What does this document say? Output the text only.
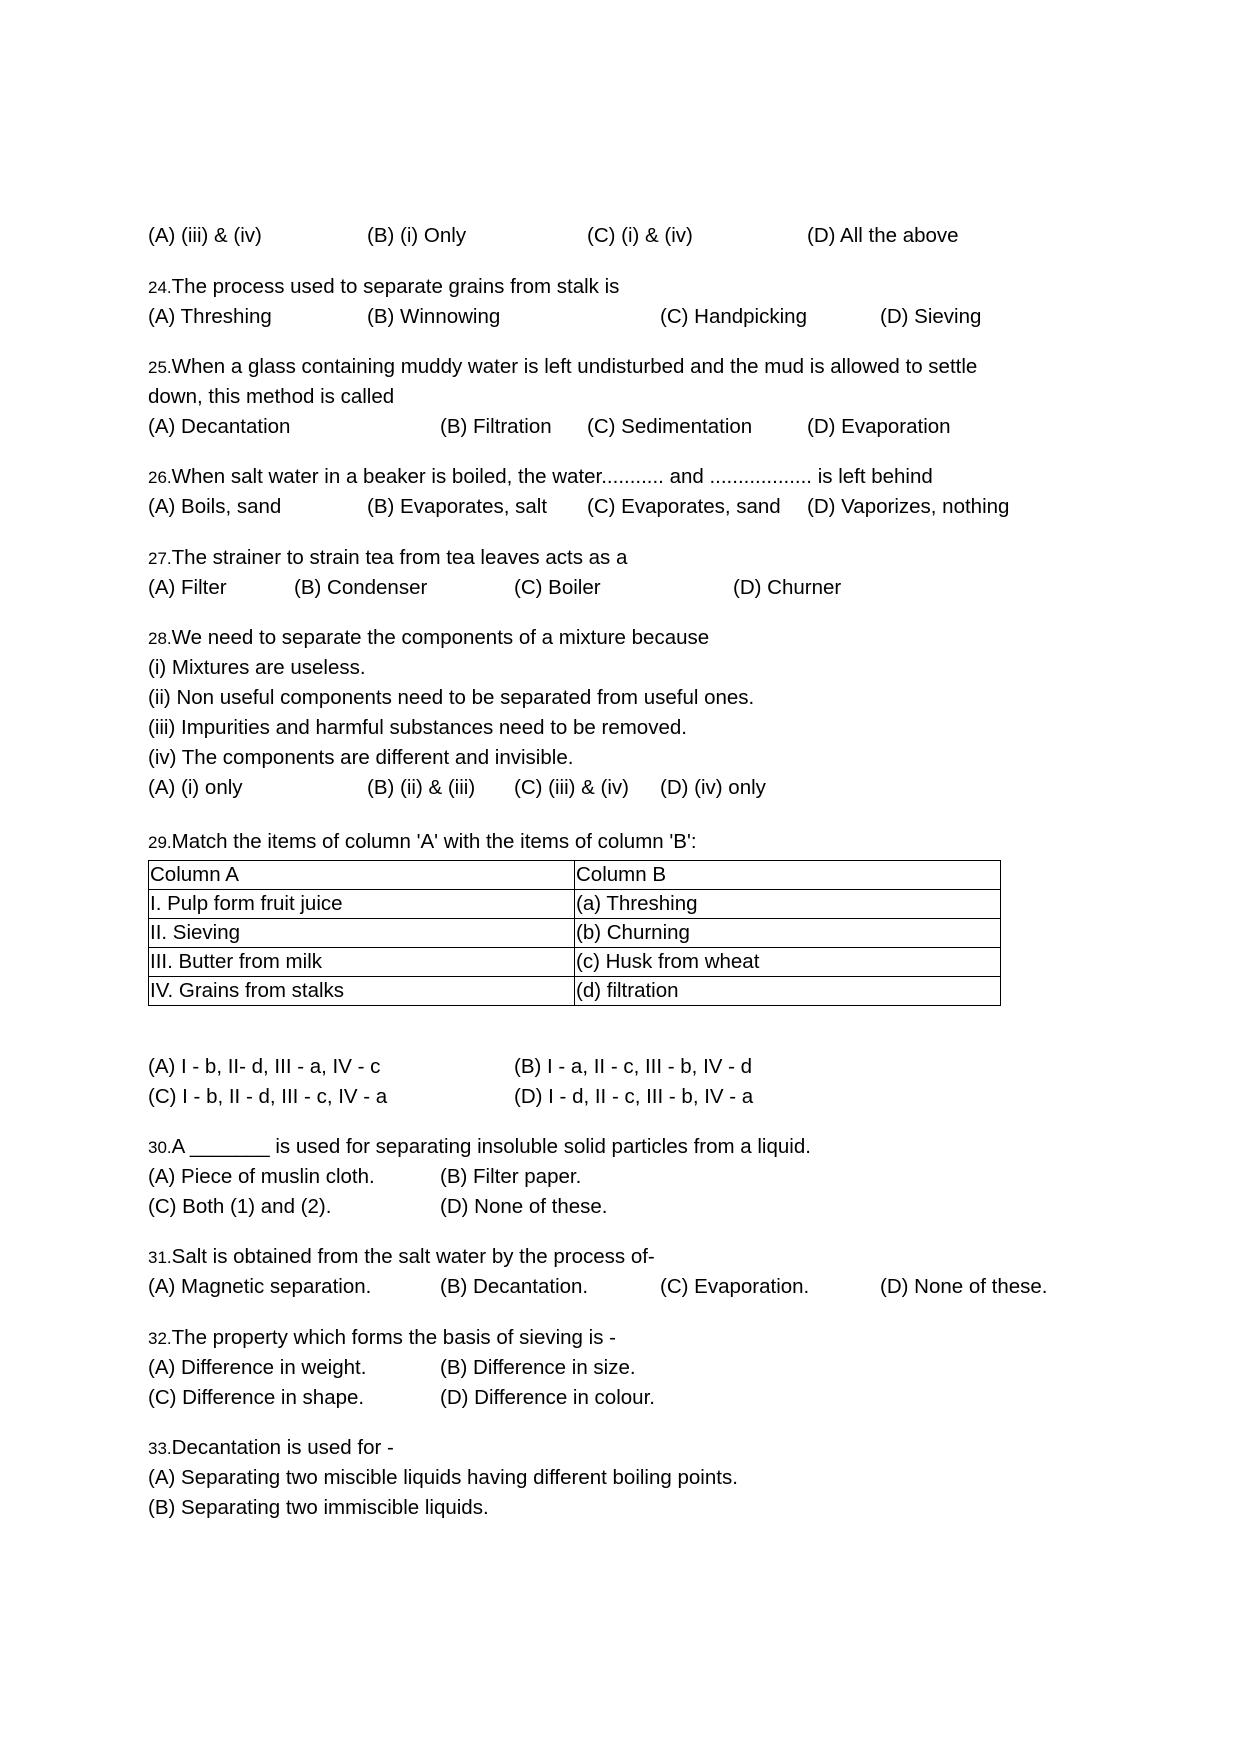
(A) (iii) & (iv)	(B) (i) Only	(C) (i) & (iv)	(D) All the above
24.The process used to separate grains from stalk is
(A) Threshing	(B) Winnowing	(C) Handpicking	(D) Sieving
25.When a glass containing muddy water is left undisturbed and the mud is allowed to settle
down, this method is called
(A) Decantation	(B) Filtration (C) Sedimentation	(D) Evaporation
26.When salt water in a beaker is boiled, the water........... and .................. is left behind
(A) Boils, sand	(B) Evaporates, salt (C) Evaporates, sand (D) Vaporizes, nothing
27.The strainer to strain tea from tea leaves acts as a
(A) Filter	(B) Condenser	(C) Boiler	(D) Churner
28.We need to separate the components of a mixture because
(i) Mixtures are useless.
(ii) Non useful components need to be separated from useful ones.
(iii) Impurities and harmful substances need to be removed.
(iv) The components are different and invisible.
(A) (i) only	(B) (ii) & (iii) (C) (iii) & (iv) (D) (iv) only
29.Match the items of column 'A' with the items of column 'B':
Column A	Column B
I. Pulp form fruit juice	(a) Threshing
II. Sieving	(b) Churning
III. Butter from milk	(c) Husk from wheat
IV. Grains from stalks	(d) filtration
(A) I - b, II- d, III - a, IV - c	(B) I - a, II - c, III - b, IV - d
(C) I - b, II - d, III - c, IV - a	(D) I - d, II - c, III - b, IV - a
30.A _______ is used for separating insoluble solid particles from a liquid.
(A) Piece of muslin cloth.	(B) Filter paper.
(C) Both (1) and (2).	(D) None of these.
31.Salt is obtained from the salt water by the process of-
(A) Magnetic separation.	(B) Decantation.	(C) Evaporation.	(D) None of these.
32.The property which forms the basis of sieving is -
(A) Difference in weight.	(B) Difference in size.
(C) Difference in shape.	(D) Difference in colour.
33.Decantation is used for -
(A) Separating two miscible liquids having different boiling points.
(B) Separating two immiscible liquids.
